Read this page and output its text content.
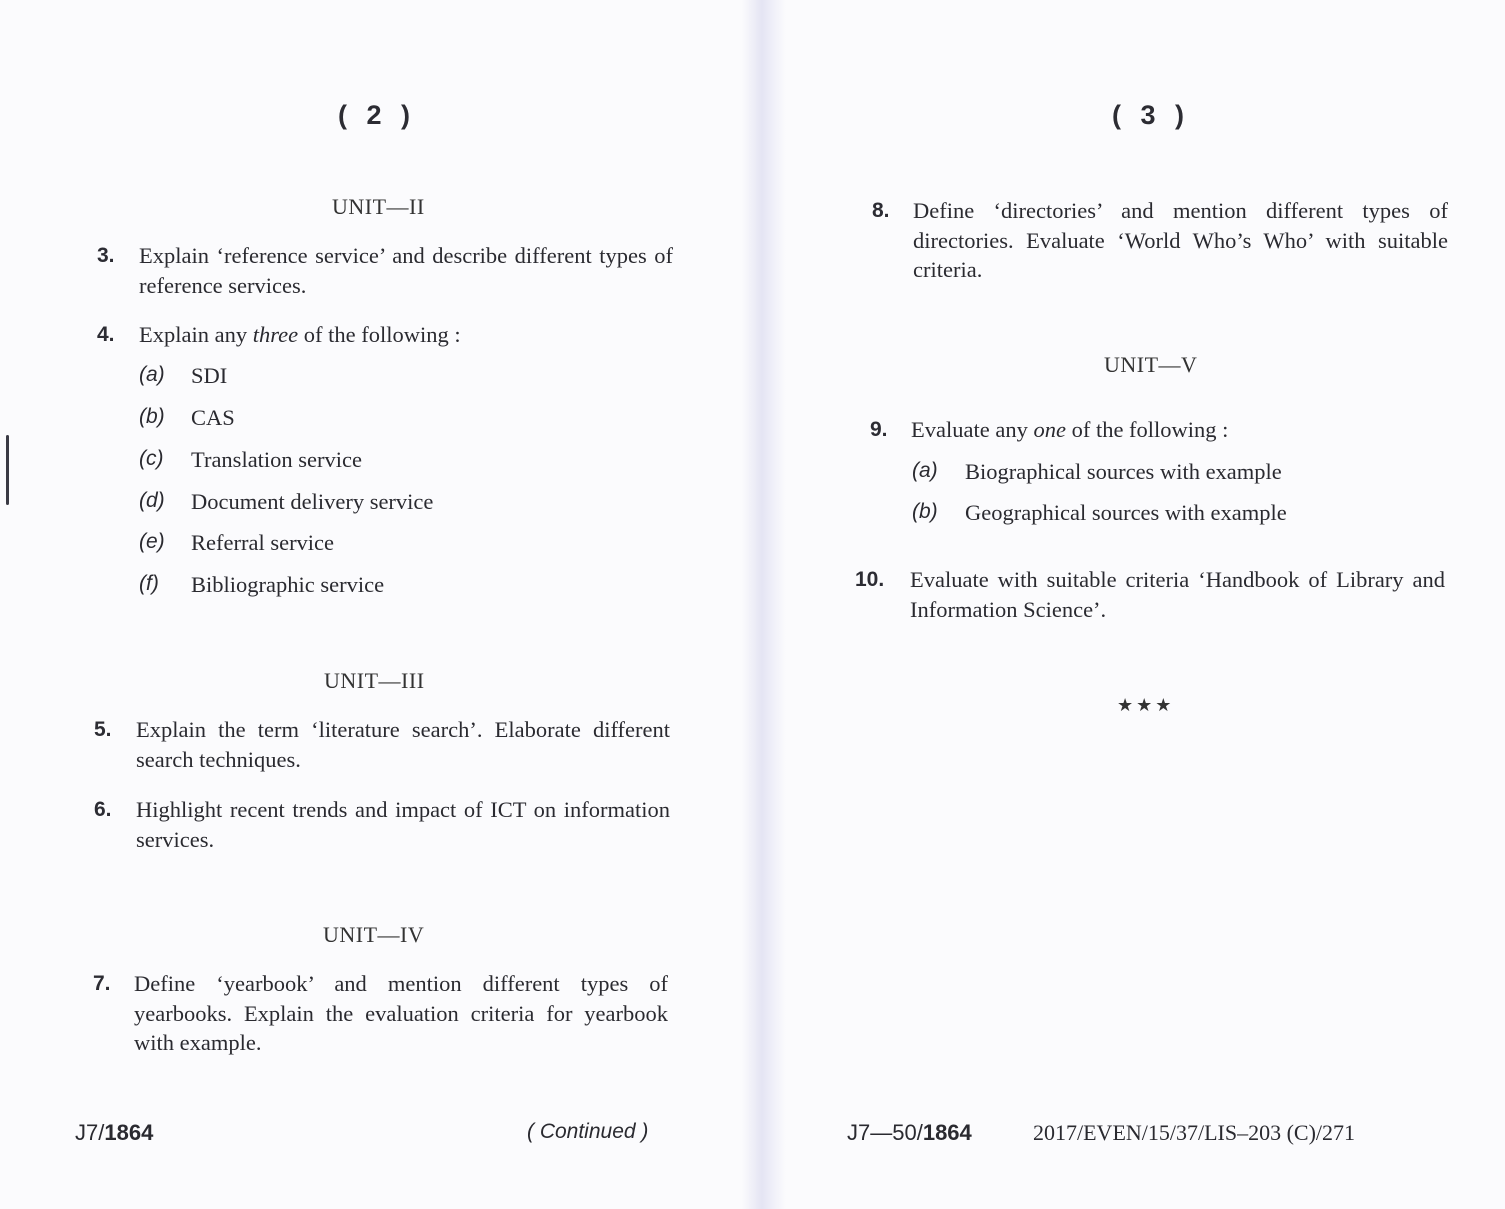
( 2 )
UNIT—II
3. Explain ‘reference service’ and describe different types of reference services.
4. Explain any three of the following :
(a) SDI
(b) CAS
(c) Translation service
(d) Document delivery service
(e) Referral service
(f) Bibliographic service
UNIT—III
5. Explain the term ‘literature search’. Elaborate different search techniques.
6. Highlight recent trends and impact of ICT on information services.
UNIT—IV
7. Define ‘yearbook’ and mention different types of yearbooks. Explain the evaluation criteria for yearbook with example.
J7/1864	( Continued )
( 3 )
8. Define ‘directories’ and mention different types of directories. Evaluate ‘World Who’s Who’ with suitable criteria.
UNIT—V
9. Evaluate any one of the following :
(a) Biographical sources with example
(b) Geographical sources with example
10. Evaluate with suitable criteria ‘Handbook of Library and Information Science’.
★★★
J7—50/1864	2017/EVEN/15/37/LIS–203 (C)/271
